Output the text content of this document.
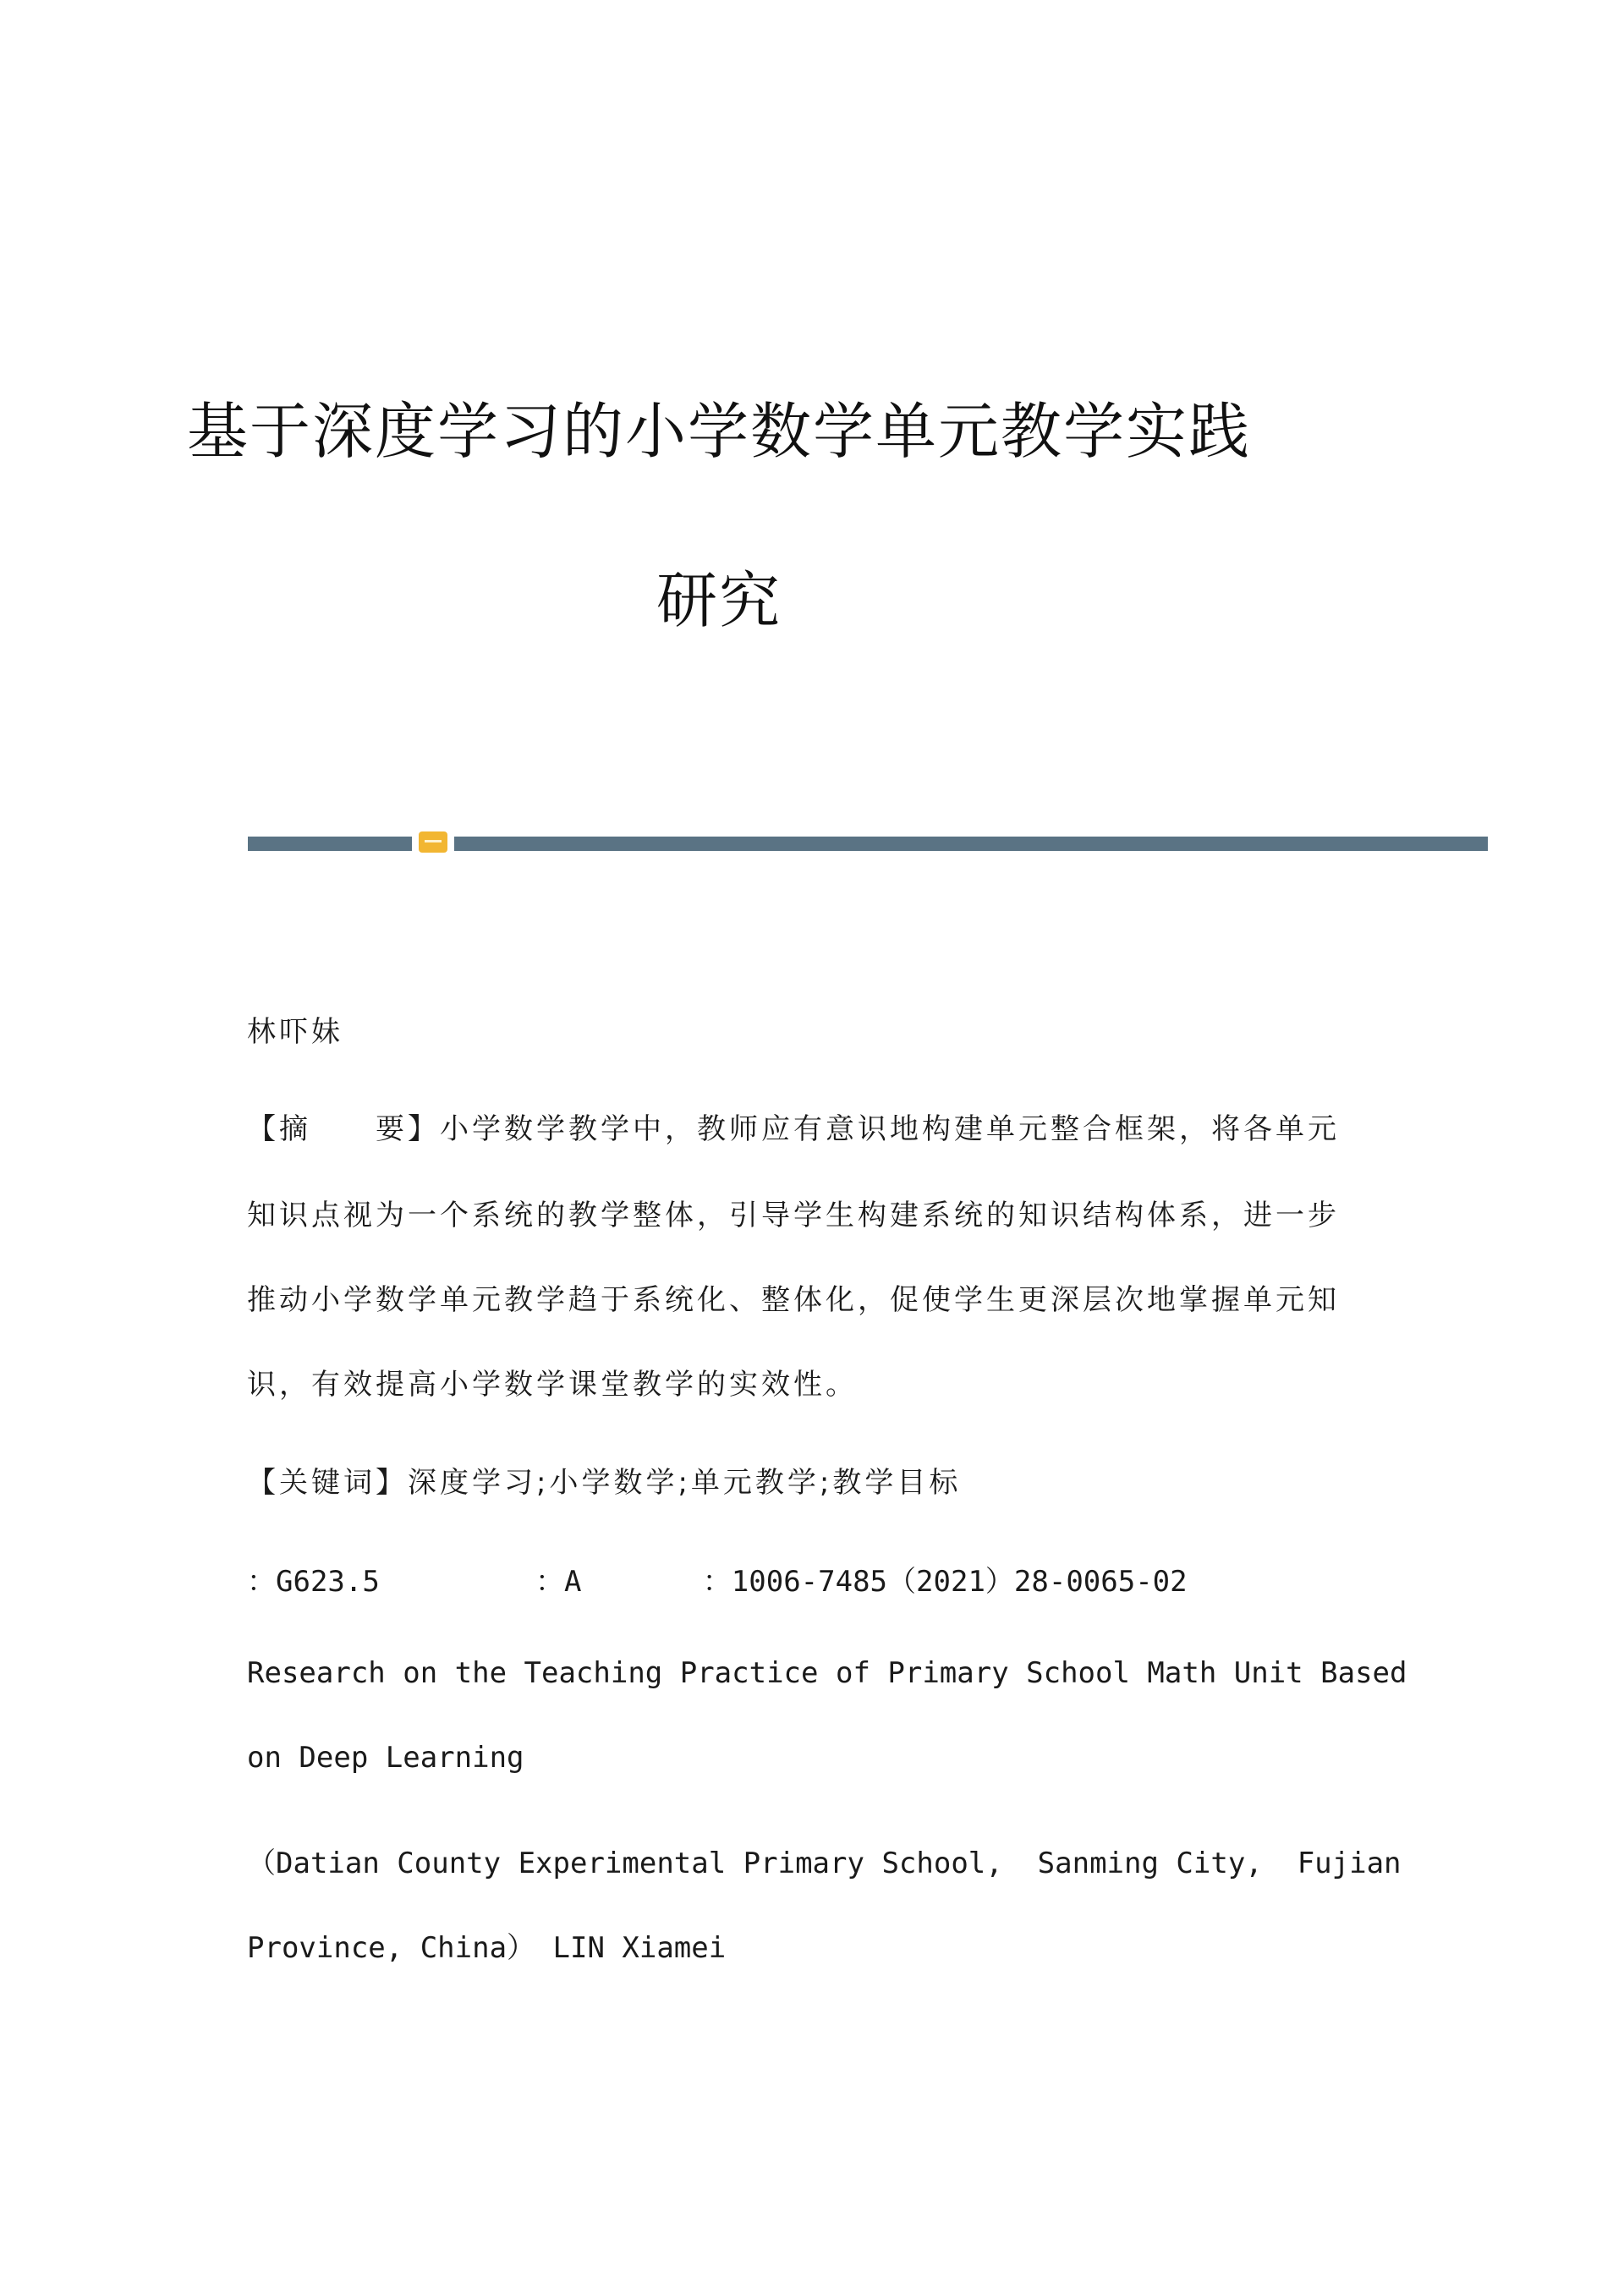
基于深度学习的小学数学单元教学实践
研究
林吓妹
【摘　　要】小学数学教学中，教师应有意识地构建单元整合框架，将各单元
知识点视为一个系统的教学整体，引导学生构建系统的知识结构体系，进一步
推动小学数学单元教学趋于系统化、整体化，促使学生更深层次地掌握单元知
识，有效提高小学数学课堂教学的实效性。
【关键词】深度学习;小学数学;单元教学;教学目标
：G623.5         ：A       ：1006-7485（2021）28-0065-02
Research on the Teaching Practice of Primary School Math Unit Based
on Deep Learning
（Datian County Experimental Primary School,  Sanming City,  Fujian
Province, China） LIN Xiamei
